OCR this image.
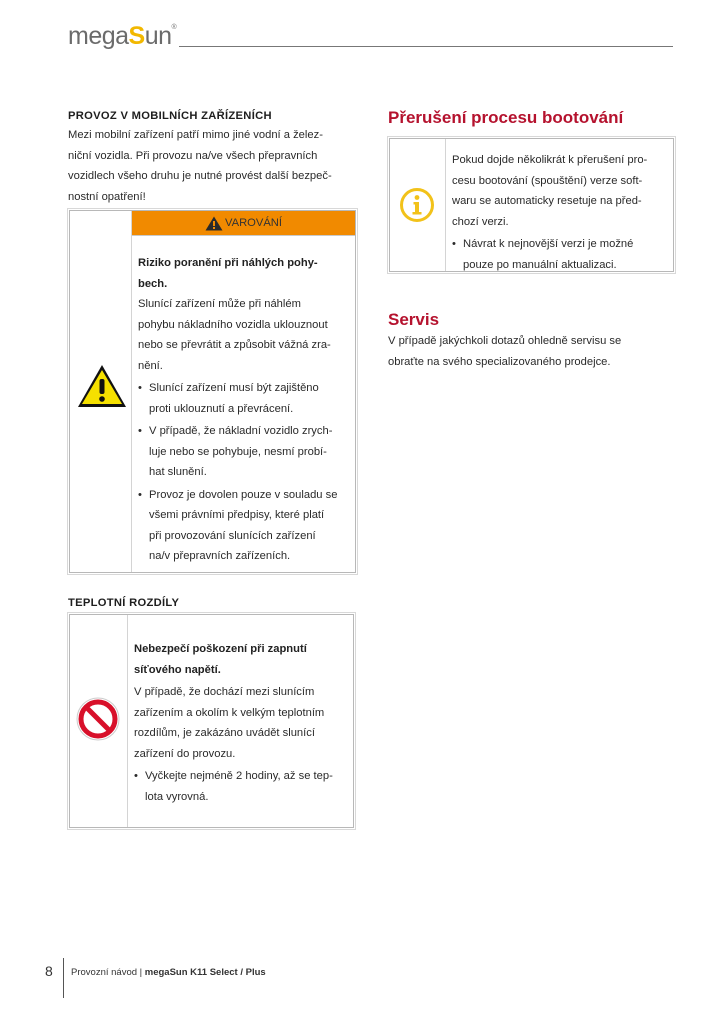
megaSun®
PROVOZ V MOBILNÍCH ZAŘÍZENÍCH
Mezi mobilní zařízení patří mimo jiné vodní a želez-
niční vozidla. Při provozu na/ve všech přepravních
vozidlech všeho druhu je nutné provést další bezpeč-
nostní opatření!
VAROVÁNÍ
Riziko poranění při náhlých pohy-
bech.
Slunící zařízení může při náhlém
pohybu nákladního vozidla uklouznout
nebo se převrátit a způsobit vážná zra-
nění.
• Slunící zařízení musí být zajištěno
proti uklouznutí a převrácení.
• V případě, že nákladní vozidlo zrych-
luje nebo se pohybuje, nesmí probí-
hat slunění.
• Provoz je dovolen pouze v souladu se
všemi právními předpisy, které platí
při provozování slunících zařízení
na/v přepravních zařízeních.
TEPLOTNÍ ROZDÍLY
Nebezpečí poškození při zapnutí
síťového napětí.
V případě, že dochází mezi slunícím
zařízením a okolím k velkým teplotním
rozdílům, je zakázáno uvádět slunící
zařízení do provozu.
• Vyčkejte nejméně 2 hodiny, až se tep-
lota vyrovná.
Přerušení procesu bootování
Pokud dojde několikrát k přerušení pro-
cesu bootování (spouštění) verze soft-
waru se automaticky resetuje na před-
chozí verzi.
• Návrat k nejnovější verzi je možné
pouze po manuální aktualizaci.
Servis
V případě jakýchkoli dotazů ohledně servisu se
obraťte na svého specializovaného prodejce.
8 Provozní návod | megaSun K11 Select / Plus
